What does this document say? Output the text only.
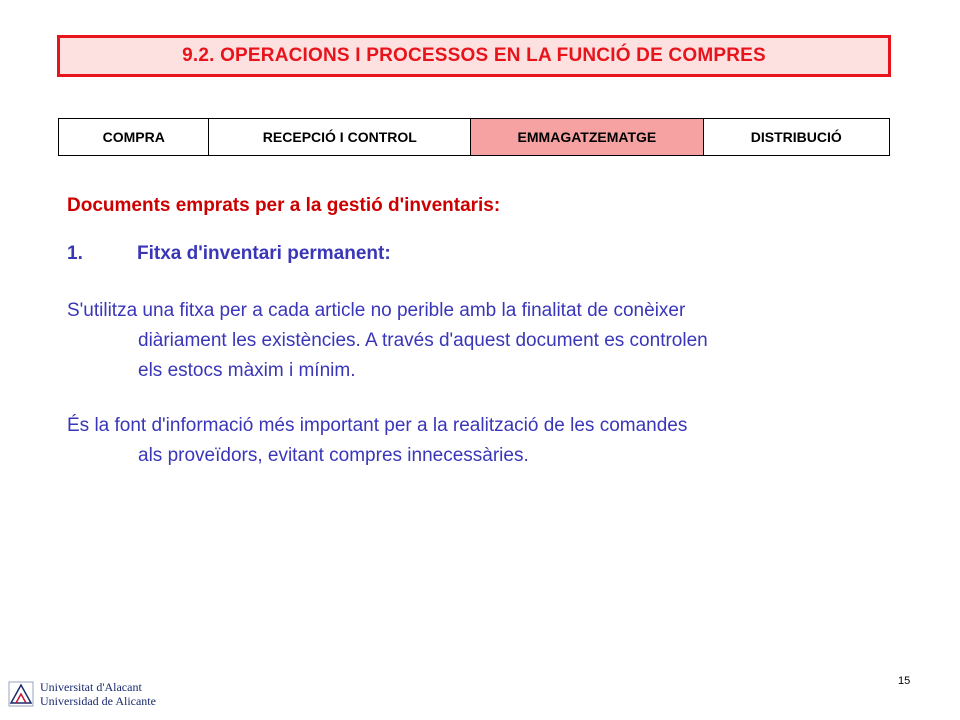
9.2. OPERACIONS I PROCESSOS EN LA FUNCIÓ DE COMPRES
COMPRA	RECEPCIÓ I CONTROL	EMMAGATZEMATGE	DISTRIBUCIÓ
Documents emprats per a la gestió d'inventaris:
1.	Fitxa d'inventari permanent:
S'utilitza una fitxa per a cada article no perible amb la finalitat de conèixer
diàriament les existències. A través d'aquest document es controlen
els estocs màxim i mínim.
És la font d'informació més important per a la realització de les comandes
als proveïdors, evitant compres innecessàries.
Universitat d'Alacant
Universidad de Alicante
15
